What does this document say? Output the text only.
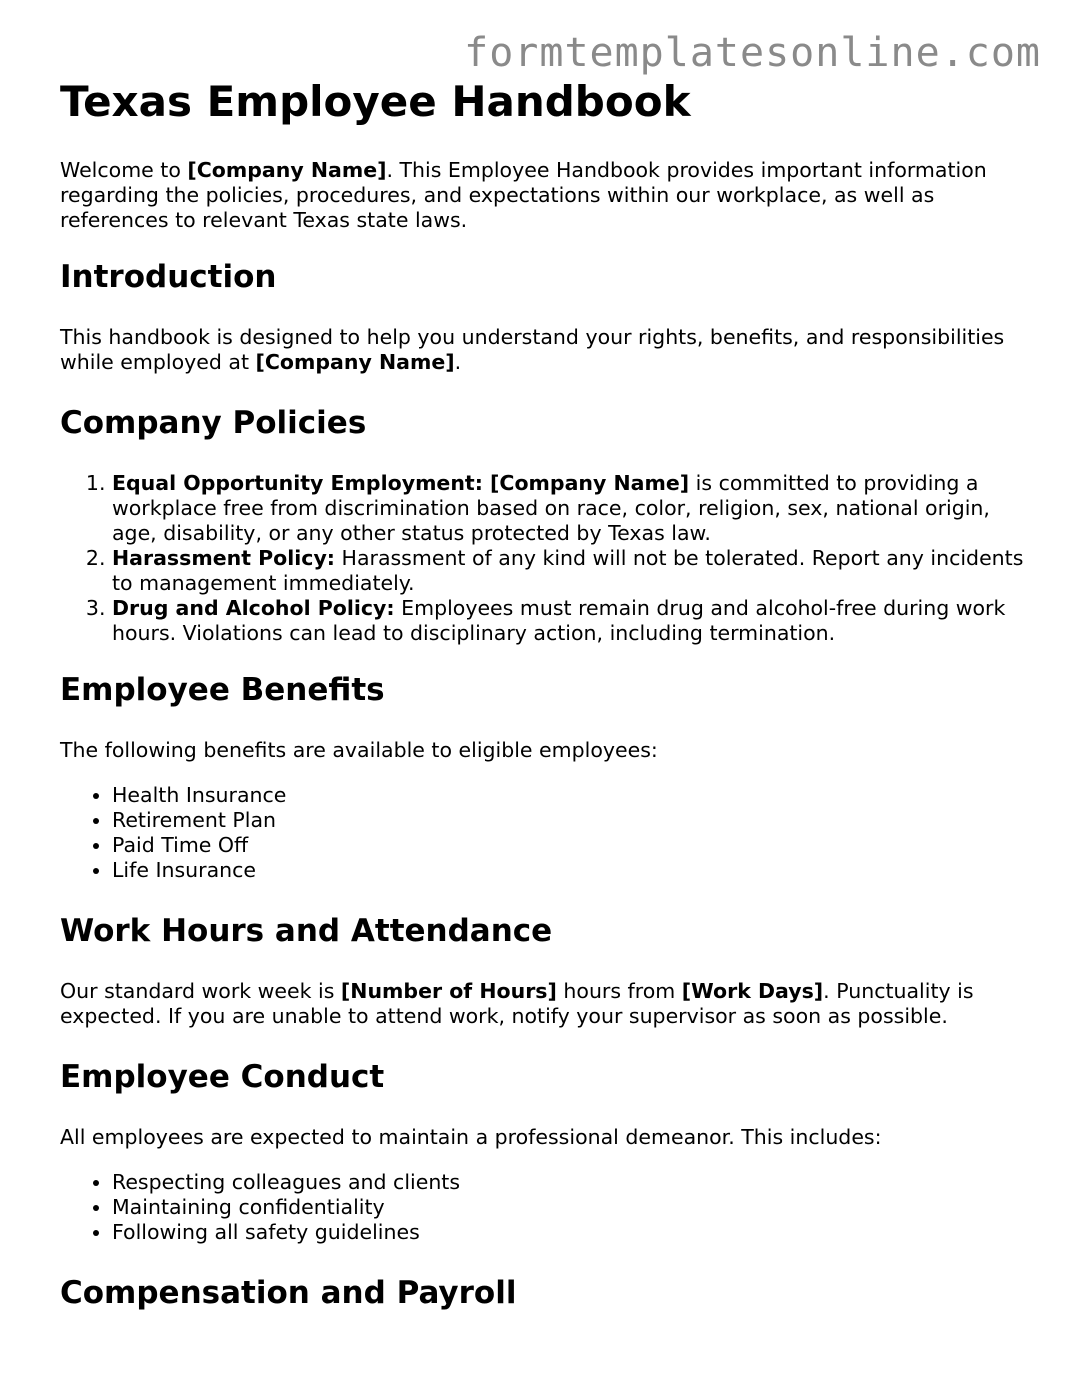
formtemplatesonline.com
Texas Employee Handbook

Welcome to [Company Name]. This Employee Handbook provides important information regarding the policies, procedures, and expectations within our workplace, as well as references to relevant Texas state laws.

Introduction

This handbook is designed to help you understand your rights, benefits, and responsibilities while employed at [Company Name].

Company Policies
1. Equal Opportunity Employment: [Company Name] is committed to providing a workplace free from discrimination based on race, color, religion, sex, national origin, age, disability, or any other status protected by Texas law.
2. Harassment Policy: Harassment of any kind will not be tolerated. Report any incidents to management immediately.
3. Drug and Alcohol Policy: Employees must remain drug and alcohol-free during work hours. Violations can lead to disciplinary action, including termination.
Employee Benefits

The following benefits are available to eligible employees:

• Health Insurance
• Retirement Plan
• Paid Time Off
• Life Insurance
Work Hours and Attendance

Our standard work week is [Number of Hours] hours from [Work Days]. Punctuality is expected. If you are unable to attend work, notify your supervisor as soon as possible.

Employee Conduct

All employees are expected to maintain a professional demeanor. This includes:

• Respecting colleagues and clients
• Maintaining confidentiality
• Following all safety guidelines
Compensation and Payroll
